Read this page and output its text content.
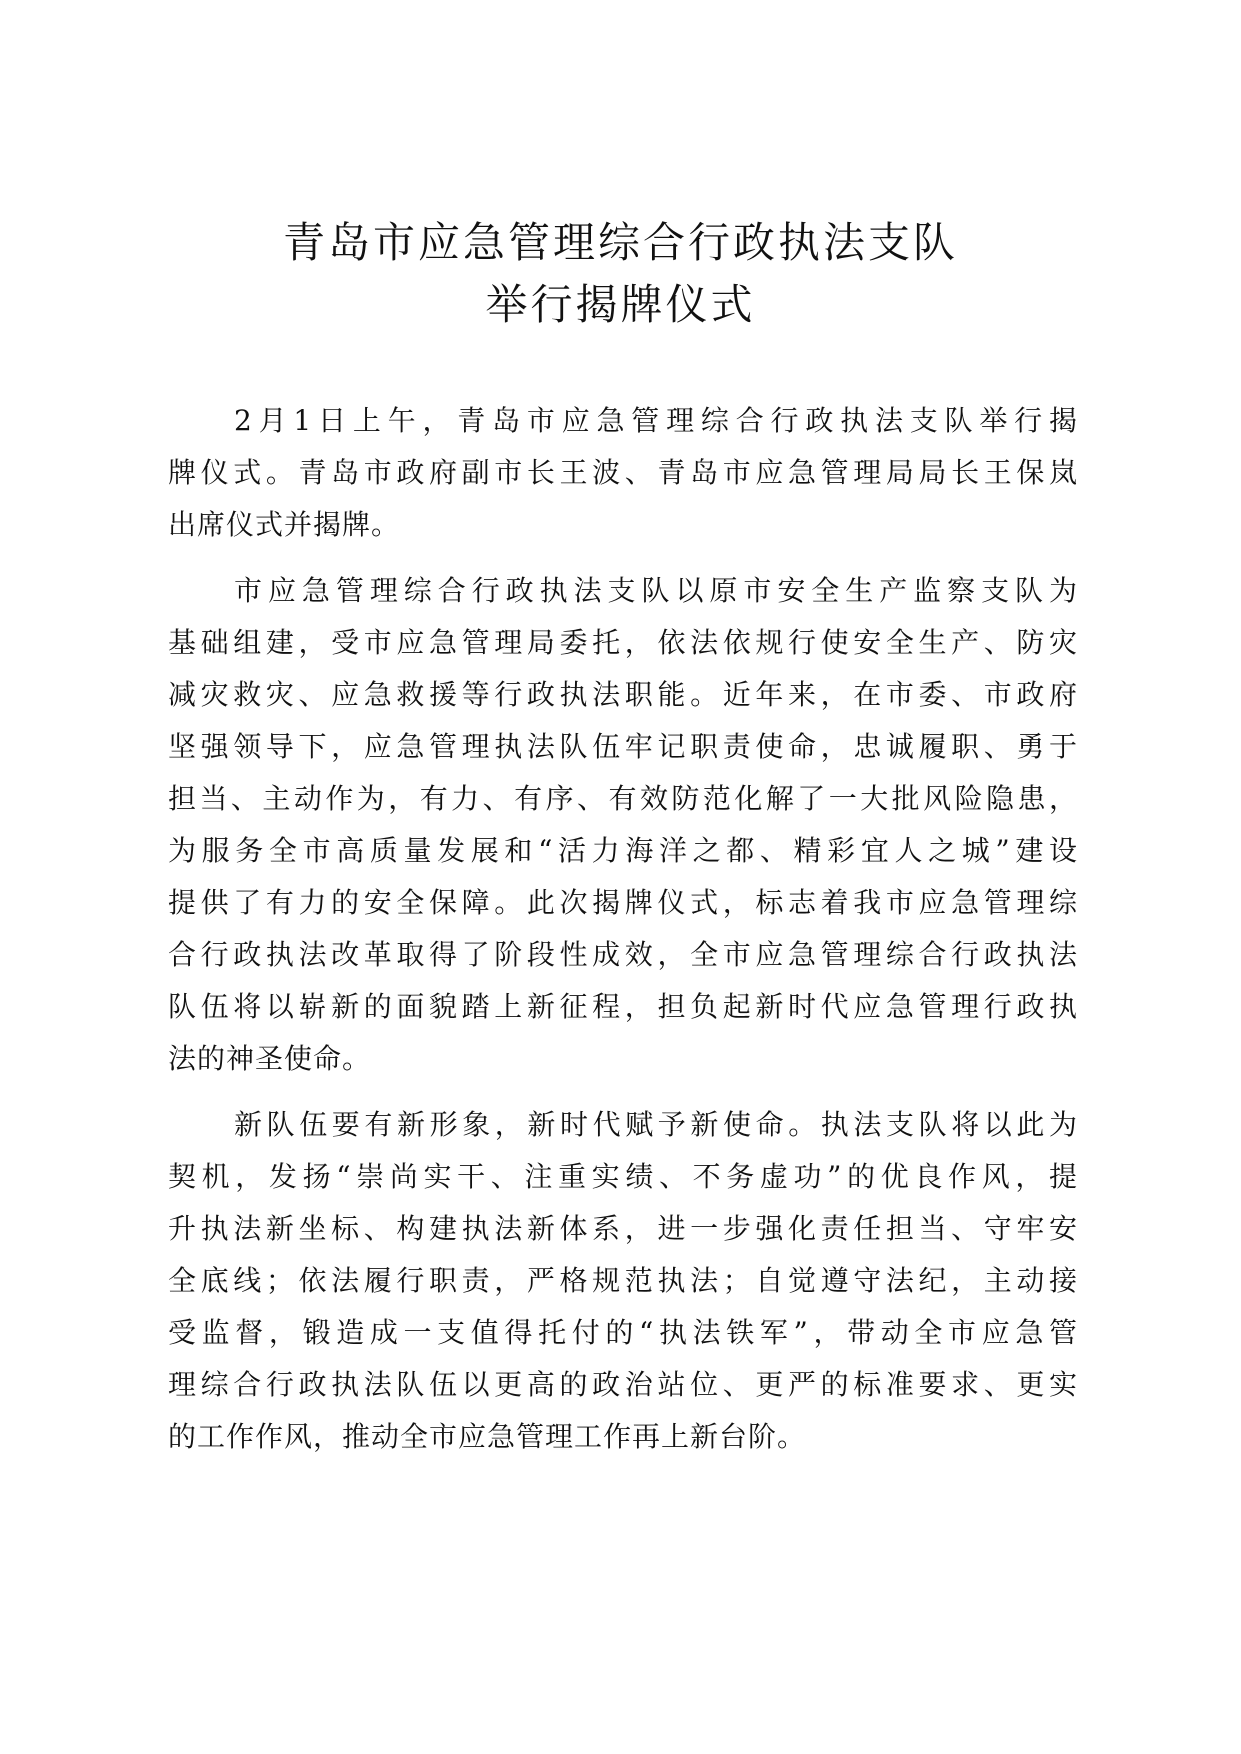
青岛市应急管理综合行政执法支队
举行揭牌仪式
2月1日上午，青岛市应急管理综合行政执法支队举行揭
牌仪式。青岛市政府副市长王波、青岛市应急管理局局长王保岚
出席仪式并揭牌。
市应急管理综合行政执法支队以原市安全生产监察支队为
基础组建，受市应急管理局委托，依法依规行使安全生产、防灾
减灾救灾、应急救援等行政执法职能。近年来，在市委、市政府
坚强领导下，应急管理执法队伍牢记职责使命，忠诚履职、勇于
担当、主动作为，有力、有序、有效防范化解了一大批风险隐患，
为服务全市高质量发展和“活力海洋之都、精彩宜人之城”建设
提供了有力的安全保障。此次揭牌仪式，标志着我市应急管理综
合行政执法改革取得了阶段性成效，全市应急管理综合行政执法
队伍将以崭新的面貌踏上新征程，担负起新时代应急管理行政执
法的神圣使命。
新队伍要有新形象，新时代赋予新使命。执法支队将以此为
契机，发扬“崇尚实干、注重实绩、不务虚功”的优良作风，提
升执法新坐标、构建执法新体系，进一步强化责任担当、守牢安
全底线；依法履行职责，严格规范执法；自觉遵守法纪，主动接
受监督，锻造成一支值得托付的“执法铁军”，带动全市应急管
理综合行政执法队伍以更高的政治站位、更严的标准要求、更实
的工作作风，推动全市应急管理工作再上新台阶。
